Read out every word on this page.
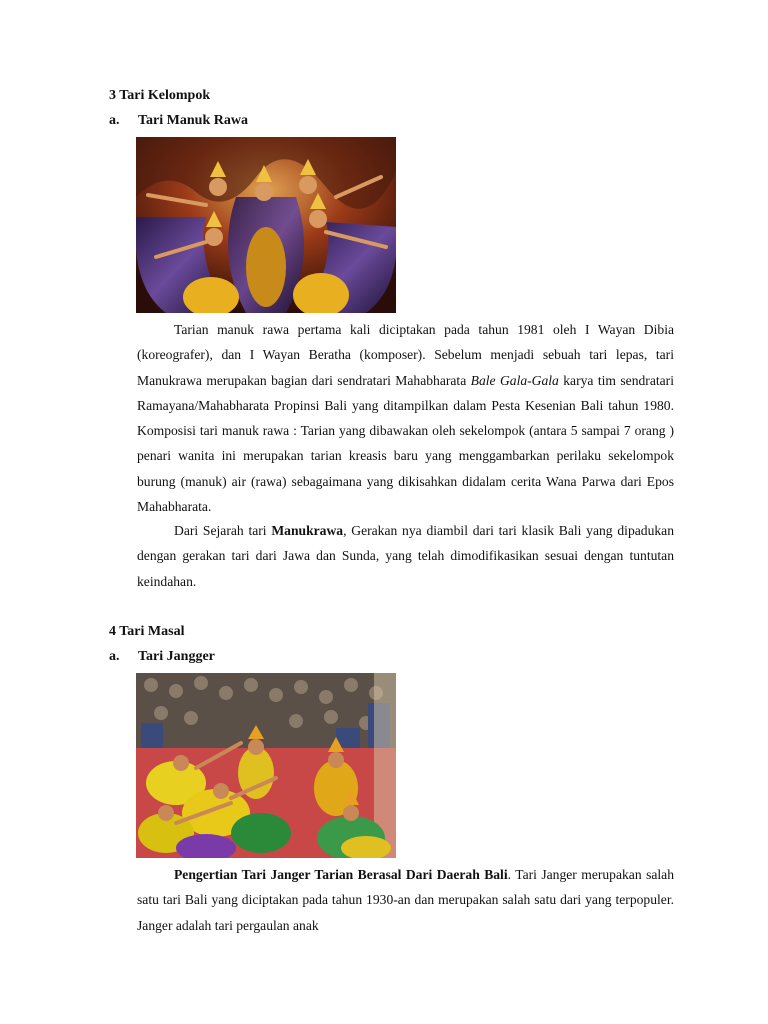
3 Tari Kelompok
a. Tari Manuk Rawa

Tarian manuk rawa pertama kali diciptakan pada tahun 1981 oleh I Wayan Dibia (koreografer), dan I Wayan Beratha (komposer). Sebelum menjadi sebuah tari lepas, tari Manukrawa merupakan bagian dari sendratari Mahabharata Bale Gala-Gala karya tim sendratari Ramayana/Mahabharata Propinsi Bali yang ditampilkan dalam Pesta Kesenian Bali tahun 1980. Komposisi tari manuk rawa : Tarian yang dibawakan oleh sekelompok (antara 5 sampai 7 orang ) penari wanita ini merupakan tarian kreasis baru yang menggambarkan perilaku sekelompok burung (manuk) air (rawa) sebagaimana yang dikisahkan didalam cerita Wana Parwa dari Epos Mahabharata.

Dari Sejarah tari Manukrawa, Gerakan nya diambil dari tari klasik Bali yang dipadukan dengan gerakan tari dari Jawa dan Sunda, yang telah dimodifikasikan sesuai dengan tuntutan keindahan.

4 Tari Masal
a. Tari Jangger

Pengertian Tari Janger Tarian Berasal Dari Daerah Bali. Tari Janger merupakan salah satu tari Bali yang diciptakan pada tahun 1930-an dan merupakan salah satu dari yang terpopuler. Janger adalah tari pergaulan anak
